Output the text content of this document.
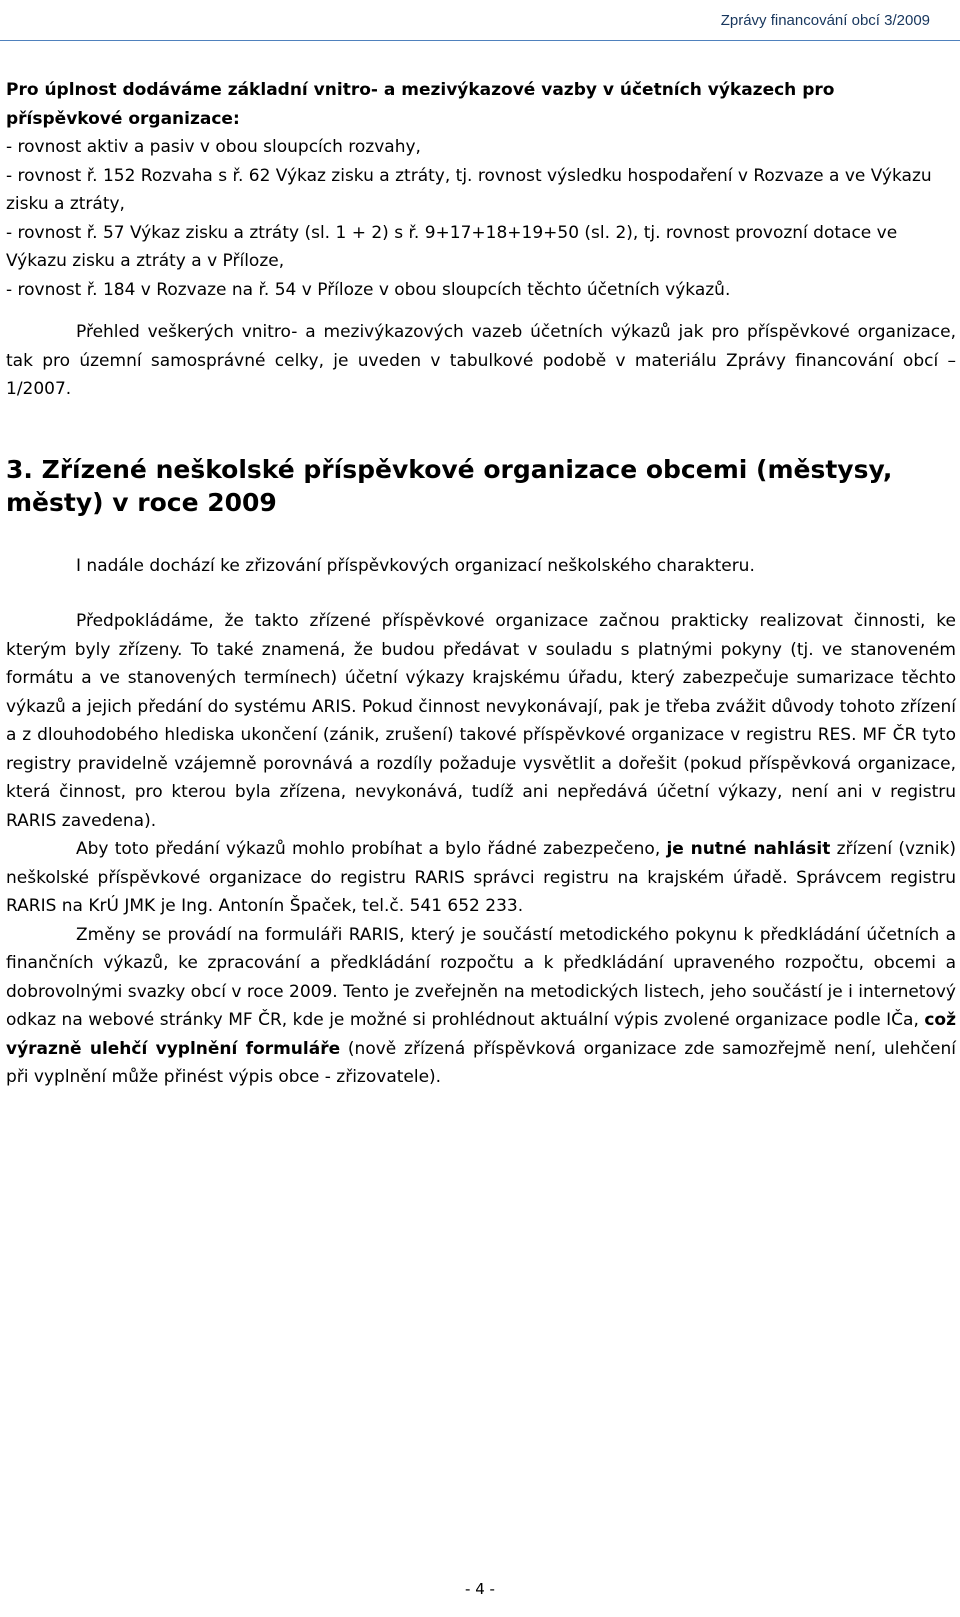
Zprávy financování obcí 3/2009

Pro úplnost dodáváme základní vnitro- a mezivýkazové vazby v účetních výkazech pro příspěvkové organizace:

- rovnost aktiv a pasiv v obou sloupcích rozvahy,

- rovnost ř. 152 Rozvaha s ř. 62 Výkaz zisku a ztráty, tj. rovnost výsledku hospodaření v Rozvaze a ve Výkazu zisku a ztráty,

- rovnost ř. 57 Výkaz zisku a ztráty (sl. 1 + 2) s ř. 9+17+18+19+50 (sl. 2), tj. rovnost provozní dotace ve Výkazu zisku a ztráty a v Příloze,

- rovnost ř. 184 v Rozvaze na ř. 54 v Příloze v obou sloupcích těchto účetních výkazů.

Přehled veškerých vnitro- a mezivýkazových vazeb účetních výkazů jak pro příspěvkové organizace, tak pro územní samosprávné celky, je uveden v tabulkové podobě v materiálu Zprávy financování obcí – 1/2007.

3. Zřízené neškolské příspěvkové organizace obcemi (městysy, městy) v roce 2009

I nadále dochází ke zřizování příspěvkových organizací neškolského charakteru.

Předpokládáme, že takto zřízené příspěvkové organizace začnou prakticky realizovat činnosti, ke kterým byly zřízeny. To také znamená, že budou předávat v souladu s platnými pokyny (tj. ve stanoveném formátu a ve stanovených termínech) účetní výkazy krajskému úřadu, který zabezpečuje sumarizace těchto výkazů a jejich předání do systému ARIS. Pokud činnost nevykonávají, pak je třeba zvážit důvody tohoto zřízení a z dlouhodobého hlediska ukončení (zánik, zrušení) takové příspěvkové organizace v registru RES. MF ČR tyto registry pravidelně vzájemně porovnává a rozdíly požaduje vysvětlit a dořešit (pokud příspěvková organizace, která činnost, pro kterou byla zřízena, nevykonává, tudíž ani nepředává účetní výkazy, není ani v registru RARIS zavedena).

Aby toto předání výkazů mohlo probíhat a bylo řádné zabezpečeno, je nutné nahlásit zřízení (vznik) neškolské příspěvkové organizace do registru RARIS správci registru na krajském úřadě. Správcem registru RARIS na KrÚ JMK je Ing. Antonín Špaček, tel.č. 541 652 233.

Změny se provádí na formuláři RARIS, který je součástí metodického pokynu k předkládání účetních a finančních výkazů, ke zpracování a předkládání rozpočtu a k předkládání upraveného rozpočtu, obcemi a dobrovolnými svazky obcí v roce 2009. Tento je zveřejněn na metodických listech, jeho součástí je i internetový odkaz na webové stránky MF ČR, kde je možné si prohlédnout aktuální výpis zvolené organizace podle IČa, což výrazně ulehčí vyplnění formuláře (nově zřízená příspěvková organizace zde samozřejmě není, ulehčení při vyplnění může přinést výpis obce - zřizovatele).

- 4 -
